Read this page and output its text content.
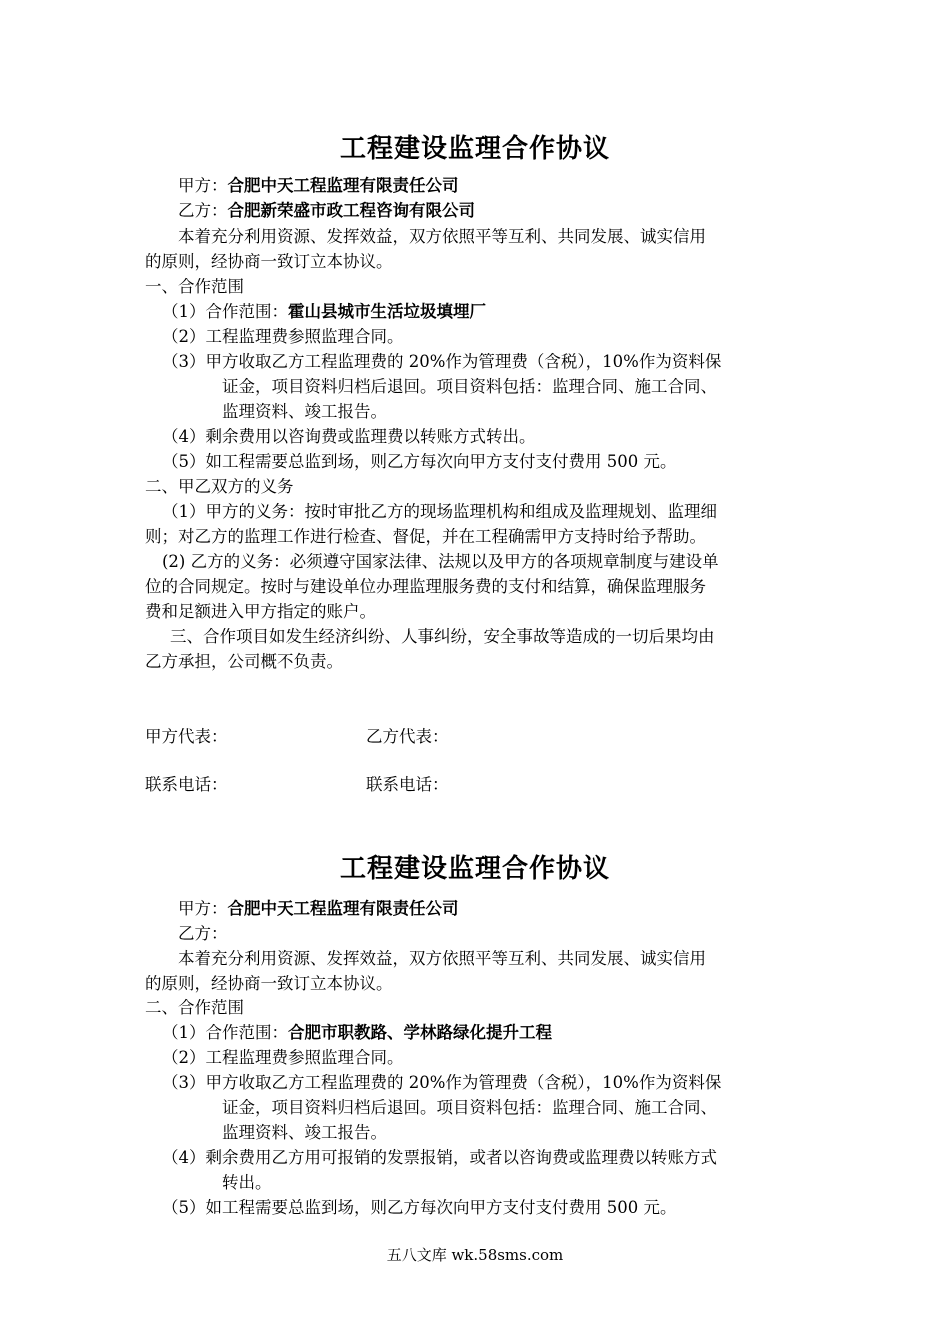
工程建设监理合作协议
甲方：合肥中天工程监理有限责任公司
乙方：合肥新荣盛市政工程咨询有限公司
本着充分利用资源、发挥效益，双方依照平等互利、共同发展、诚实信用
的原则，经协商一致订立本协议。
一、合作范围
（1）合作范围：霍山县城市生活垃圾填埋厂
（2）工程监理费参照监理合同。
（3）甲方收取乙方工程监理费的 20%作为管理费（含税），10%作为资料保
证金，项目资料归档后退回。项目资料包括：监理合同、施工合同、
监理资料、竣工报告。
（4）剩余费用以咨询费或监理费以转账方式转出。
（5）如工程需要总监到场，则乙方每次向甲方支付支付费用 500 元。
二、甲乙双方的义务
（1）甲方的义务：按时审批乙方的现场监理机构和组成及监理规划、监理细
则；对乙方的监理工作进行检查、督促，并在工程确需甲方支持时给予帮助。
(2) 乙方的义务：必须遵守国家法律、法规以及甲方的各项规章制度与建设单
位的合同规定。按时与建设单位办理监理服务费的支付和结算，确保监理服务
费和足额进入甲方指定的账户。
三、合作项目如发生经济纠纷、人事纠纷，安全事故等造成的一切后果均由
乙方承担，公司概不负责。
甲方代表：	乙方代表：
联系电话：	联系电话：
工程建设监理合作协议
甲方：合肥中天工程监理有限责任公司
乙方：
本着充分利用资源、发挥效益，双方依照平等互利、共同发展、诚实信用
的原则，经协商一致订立本协议。
二、合作范围
（1）合作范围：合肥市职教路、学林路绿化提升工程
（2）工程监理费参照监理合同。
（3）甲方收取乙方工程监理费的 20%作为管理费（含税），10%作为资料保
证金，项目资料归档后退回。项目资料包括：监理合同、施工合同、
监理资料、竣工报告。
（4）剩余费用乙方用可报销的发票报销，或者以咨询费或监理费以转账方式
转出。
（5）如工程需要总监到场，则乙方每次向甲方支付支付费用 500 元。
五八文库 wk.58sms.com
